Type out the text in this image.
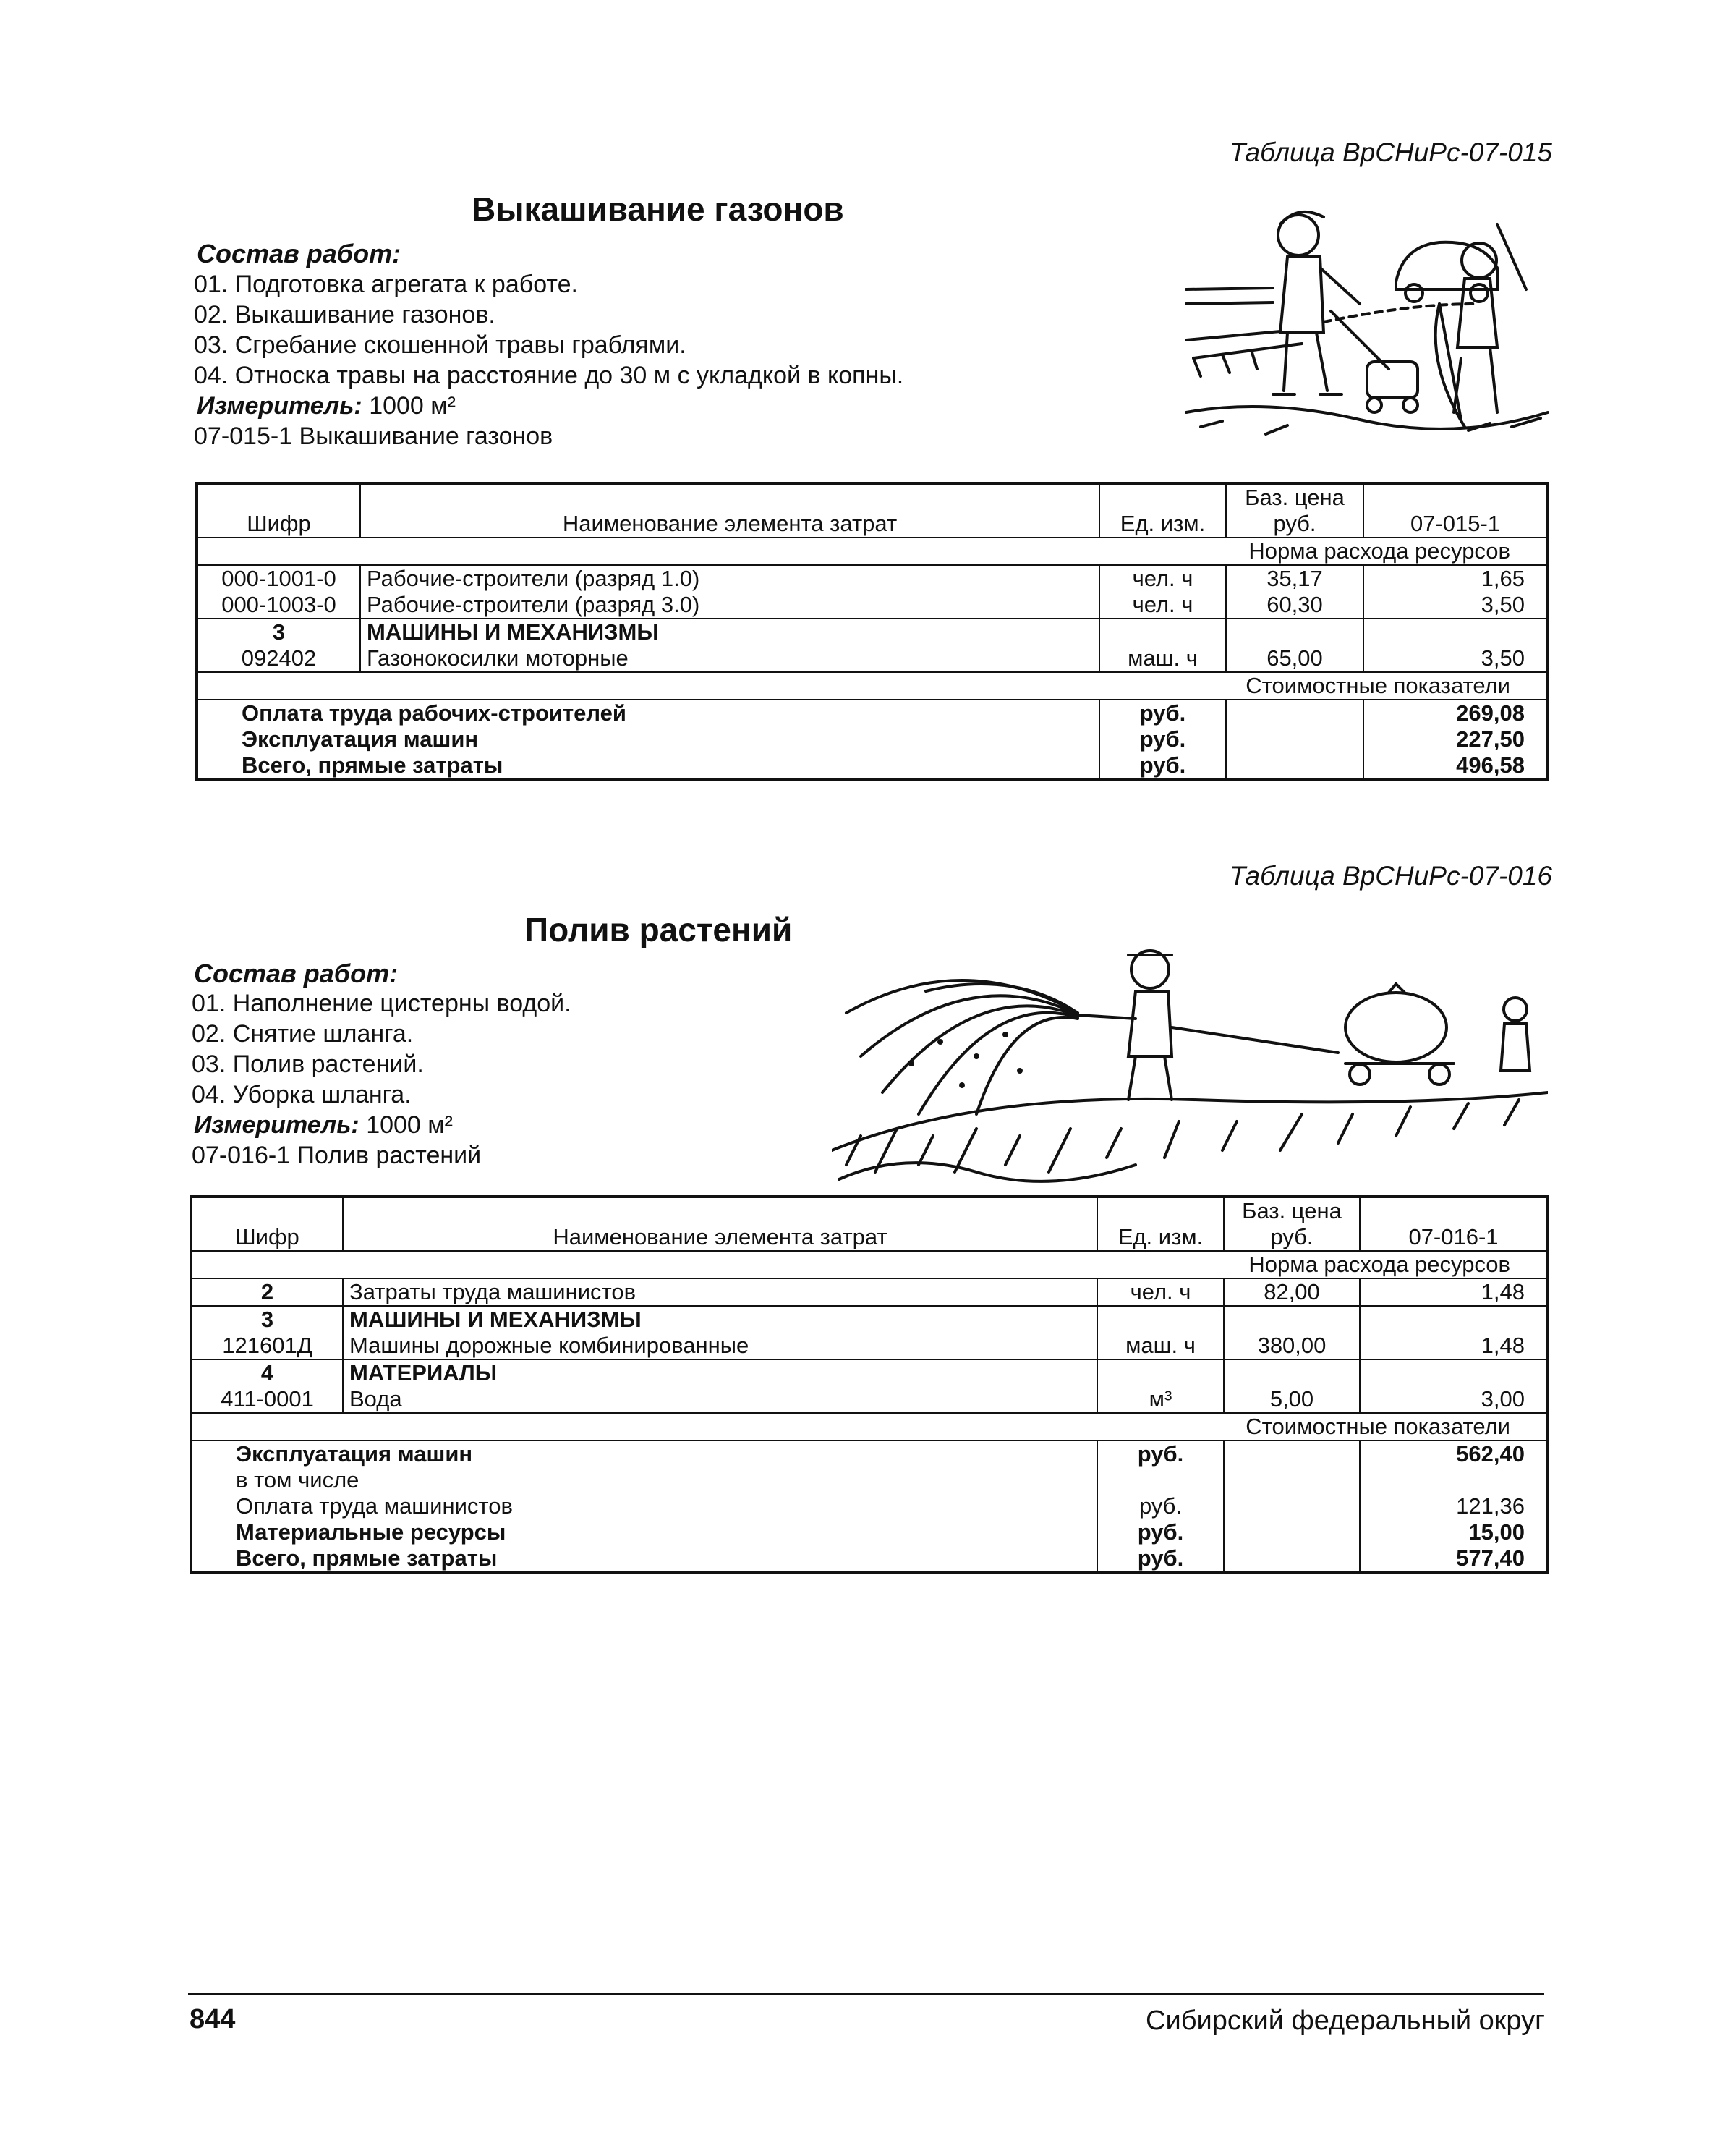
Таблица ВрСНиРс-07-015
Выкашивание газонов
Состав работ:
01. Подготовка агрегата к работе.
02. Выкашивание газонов.
03. Сгребание скошенной травы граблями.
04. Относка травы на расстояние до 30 м с укладкой в копны.
Измеритель: 1000 м²
07-015-1 Выкашивание газонов
Шифр	Наименование элемента затрат	Ед. изм.	Баз. цена руб.	07-015-1
Норма расхода ресурсов				
000-1001-0	Рабочие-строители (разряд 1.0)	чел. ч	35,17	1,65
000-1003-0	Рабочие-строители (разряд 3.0)	чел. ч	60,30	3,50
3	МАШИНЫ И МЕХАНИЗМЫ			
092402	Газонокосилки моторные	маш. ч	65,00	3,50
Стоимостные показатели				
Оплата труда рабочих-строителей		руб.		269,08
Эксплуатация машин		руб.		227,50
Всего, прямые затраты		руб.		496,58
Таблица ВрСНиРс-07-016
Полив растений
Состав работ:
01. Наполнение цистерны водой.
02. Снятие шланга.
03. Полив растений.
04. Уборка шланга.
Измеритель: 1000 м²
07-016-1 Полив растений
Шифр	Наименование элемента затрат	Ед. изм.	Баз. цена руб.	07-016-1
Норма расхода ресурсов				
2	Затраты труда машинистов	чел. ч	82,00	1,48
3	МАШИНЫ И МЕХАНИЗМЫ			
121601Д	Машины дорожные комбинированные	маш. ч	380,00	1,48
4	МАТЕРИАЛЫ			
411-0001	Вода	м³	5,00	3,00
Стоимостные показатели				
Эксплуатация машин		руб.		562,40
в том числе				
Оплата труда машинистов		руб.		121,36
Материальные ресурсы		руб.		15,00
Всего, прямые затраты		руб.		577,40
844	Сибирский федеральный округ
